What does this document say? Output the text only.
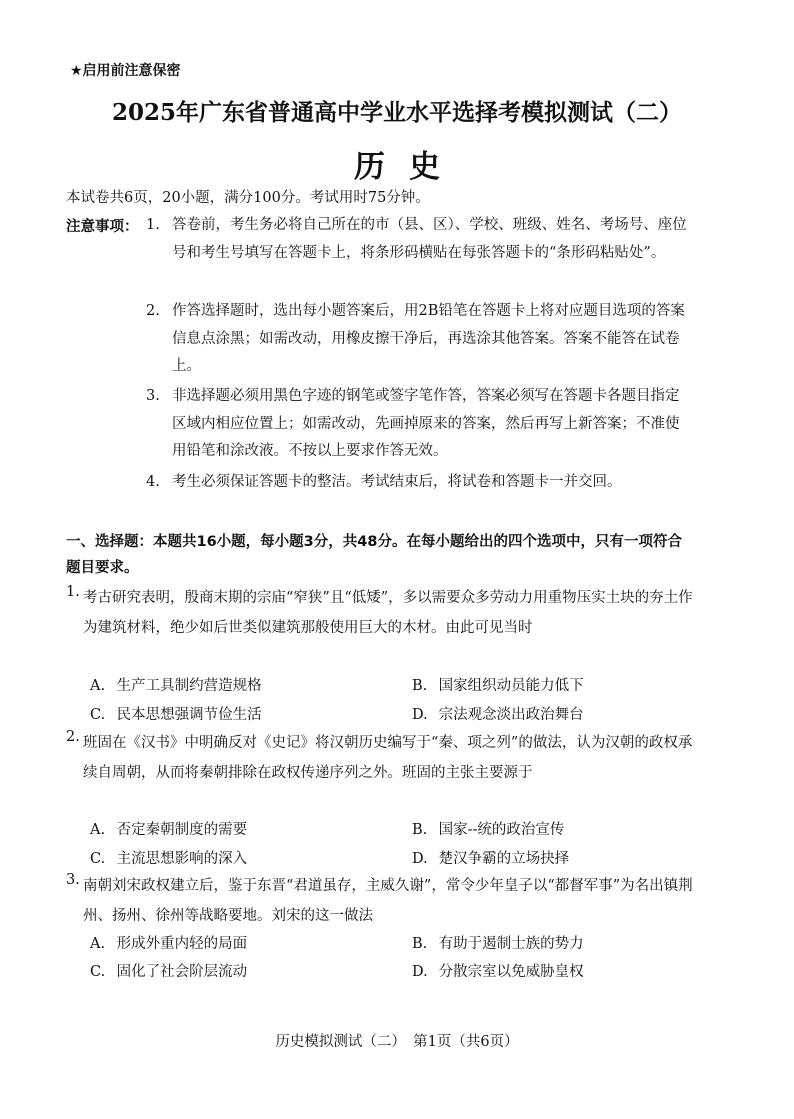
★启用前注意保密
2025年广东省普通高中学业水平选择考模拟测试（二）
历史
本试卷共6页，20小题，满分100分。考试用时75分钟。
注意事项： 1. 答卷前，考生务必将自己所在的市（县、区）、学校、班级、姓名、考场号、座位号和考生号填写在答题卡上，将条形码横贴在每张答题卡的“条形码粘贴处”。
2. 作答选择题时，选出每小题答案后，用2B铅笔在答题卡上将对应题目选项的答案信息点涂黑；如需改动，用橡皮擦干净后，再选涂其他答案。答案不能答在试卷上。
3. 非选择题必须用黑色字迹的钢笔或签字笔作答，答案必须写在答题卡各题目指定区域内相应位置上；如需改动，先画掉原来的答案，然后再写上新答案；不准使用铅笔和涂改液。不按以上要求作答无效。
4. 考生必须保证答题卡的整洁。考试结束后，将试卷和答题卡一并交回。
一、选择题：本题共16小题，每小题3分，共48分。在每小题给出的四个选项中，只有一项符合题目要求。
1. 考古研究表明，殷商末期的宗庙“窄狭”且“低矮”，多以需要众多劳动力用重物压实土块的夯土作为建筑材料，绝少如后世类似建筑那般使用巨大的木材。由此可见当时
A. 生产工具制约营造规格	B. 国家组织动员能力低下
C. 民本思想强调节俭生活	D. 宗法观念淡出政治舞台
2. 班固在《汉书》中明确反对《史记》将汉朝历史编写于“秦、项之列”的做法，认为汉朝的政权承续自周朝，从而将秦朝排除在政权传递序列之外。班固的主张主要源于
A. 否定秦朝制度的需要	B. 国家--统的政治宣传
C. 主流思想影响的深入	D. 楚汉争霸的立场抉择
3. 南朝刘宋政权建立后，鉴于东晋“君道虽存，主威久谢”，常令少年皇子以“都督军事”为名出镇荆州、扬州、徐州等战略要地。刘宋的这一做法
A. 形成外重内轻的局面	B. 有助于遏制士族的势力
C. 固化了社会阶层流动	D. 分散宗室以免威胁皇权
历史模拟测试（二）　第1页（共6页）
